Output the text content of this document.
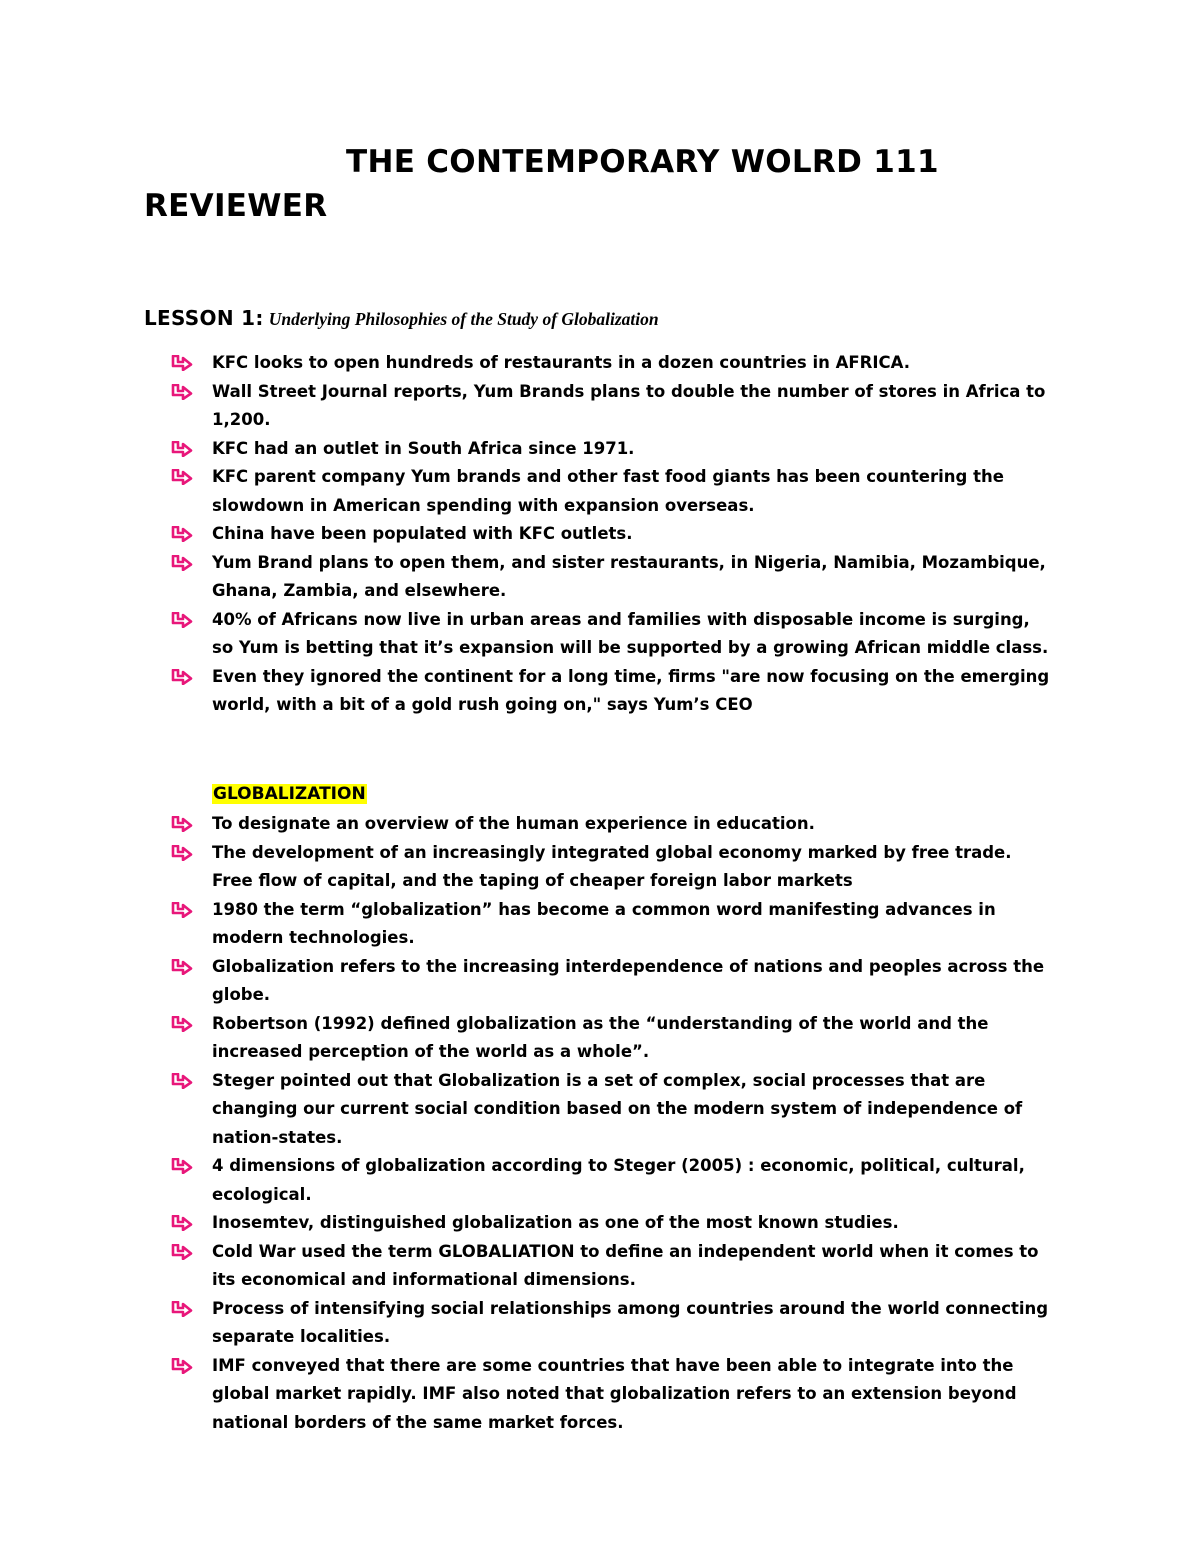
THE CONTEMPORARY WOLRD 111 REVIEWER

LESSON 1: Underlying Philosophies of the Study of Globalization

KFC looks to open hundreds of restaurants in a dozen countries in AFRICA.
Wall Street Journal reports, Yum Brands plans to double the number of stores in Africa to 1,200.
KFC had an outlet in South Africa since 1971.
KFC parent company Yum brands and other fast food giants has been countering the slowdown in American spending with expansion overseas.
China have been populated with KFC outlets.
Yum Brand plans to open them, and sister restaurants, in Nigeria, Namibia, Mozambique, Ghana, Zambia, and elsewhere.
40% of Africans now live in urban areas and families with disposable income is surging, so Yum is betting that it’s expansion will be supported by a growing African middle class.
Even they ignored the continent for a long time, firms "are now focusing on the emerging world, with a bit of a gold rush going on," says Yum’s CEO

GLOBALIZATION

To designate an overview of the human experience in education.
The development of an increasingly integrated global economy marked by free trade. Free flow of capital, and the taping of cheaper foreign labor markets
1980 the term “globalization” has become a common word manifesting advances in modern technologies.
Globalization refers to the increasing interdependence of nations and peoples across the globe.
Robertson (1992) defined globalization as the “understanding of the world and the increased perception of the world as a whole”.
Steger pointed out that Globalization is a set of complex, social processes that are changing our current social condition based on the modern system of independence of nation-states.
4 dimensions of globalization according to Steger (2005) : economic, political, cultural, ecological.
Inosemtev, distinguished globalization as one of the most known studies.
Cold War used the term GLOBALIATION to define an independent world when it comes to its economical and informational dimensions.
Process of intensifying social relationships among countries around the world connecting separate localities.
IMF conveyed that there are some countries that have been able to integrate into the global market rapidly. IMF also noted that globalization refers to an extension beyond national borders of the same market forces.
